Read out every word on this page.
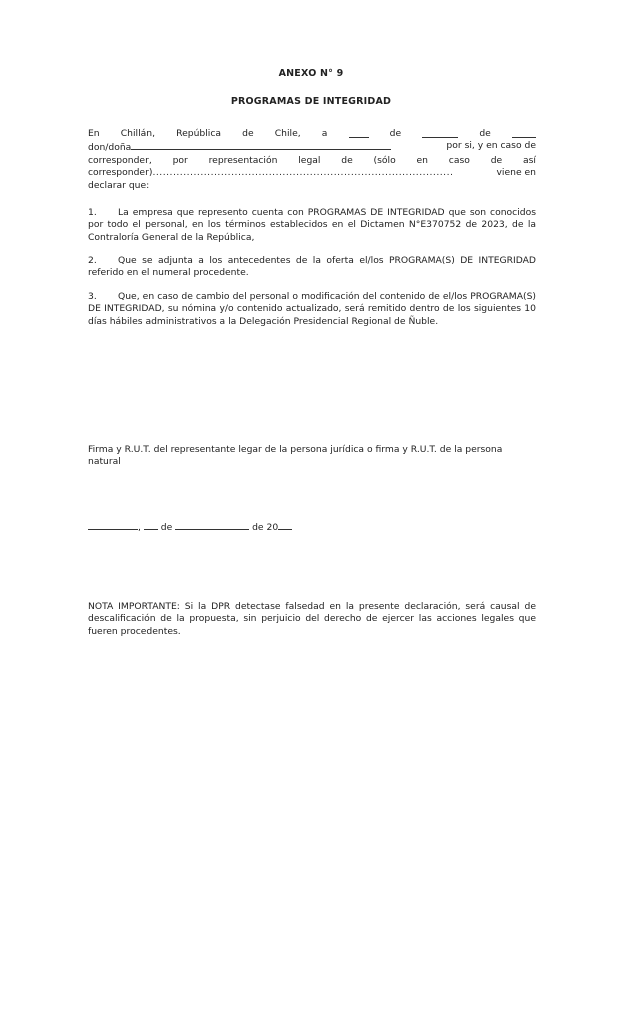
ANEXO N° 9
PROGRAMAS DE INTEGRIDAD
En Chillán, República de Chile, a	de	de
don/doña	por si, y en caso de
corresponder, por representación legal de (sólo en caso de así
corresponder)........................................................................................	viene en
declarar que:
1. La empresa que represento cuenta con PROGRAMAS DE INTEGRIDAD que son conocidos por todo el personal, en los términos establecidos en el Dictamen N°E370752 de 2023, de la Contraloría General de la República,
2. Que se adjunta a los antecedentes de la oferta el/los PROGRAMA(S) DE INTEGRIDAD referido en el numeral procedente.
3. Que, en caso de cambio del personal o modificación del contenido de el/los PROGRAMA(S) DE INTEGRIDAD, su nómina y/o contenido actualizado, será remitido dentro de los siguientes 10 días hábiles administrativos a la Delegación Presidencial Regional de Ñuble.
Firma y R.U.T. del representante legar de la persona jurídica o firma y R.U.T. de la persona natural
, de	de 20
NOTA IMPORTANTE: Si la DPR detectase falsedad en la presente declaración, será causal de descalificación de la propuesta, sin perjuicio del derecho de ejercer las acciones legales que fueren procedentes.
